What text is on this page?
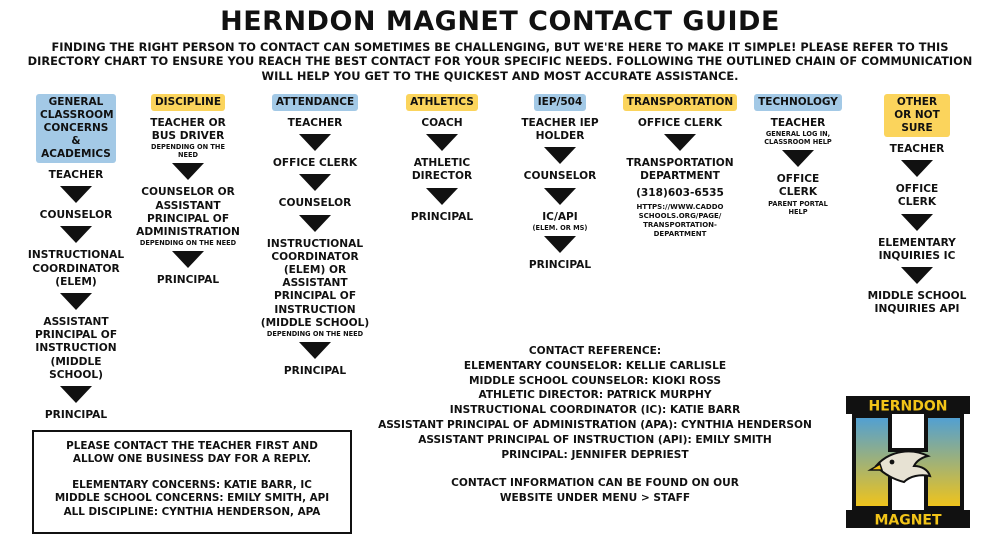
HERNDON MAGNET CONTACT GUIDE
FINDING THE RIGHT PERSON TO CONTACT CAN SOMETIMES BE CHALLENGING, BUT WE'RE HERE TO MAKE IT SIMPLE! PLEASE REFER TO THIS DIRECTORY CHART TO ENSURE YOU REACH THE BEST CONTACT FOR YOUR SPECIFIC NEEDS. FOLLOWING THE OUTLINED CHAIN OF COMMUNICATION WILL HELP YOU GET TO THE QUICKEST AND MOST ACCURATE ASSISTANCE.
GENERAL CLASSROOM CONCERNS & ACADEMICS
TEACHER
COUNSELOR
INSTRUCTIONAL COORDINATOR (ELEM)
ASSISTANT PRINCIPAL OF INSTRUCTION (MIDDLE SCHOOL)
PRINCIPAL
DISCIPLINE
TEACHER OR BUS DRIVER
DEPENDING ON THE NEED
COUNSELOR OR ASSISTANT PRINCIPAL OF ADMINISTRATION
DEPENDING ON THE NEED
PRINCIPAL
ATTENDANCE
TEACHER
OFFICE CLERK
COUNSELOR
INSTRUCTIONAL COORDINATOR (ELEM) OR ASSISTANT PRINCIPAL OF INSTRUCTION (MIDDLE SCHOOL)
DEPENDING ON THE NEED
PRINCIPAL
ATHLETICS
COACH
ATHLETIC DIRECTOR
PRINCIPAL
IEP/504
TEACHER IEP HOLDER
COUNSELOR
IC/API
(ELEM. OR MS)
PRINCIPAL
TRANSPORTATION
OFFICE CLERK
TRANSPORTATION DEPARTMENT
(318)603-6535
HTTPS://WWW.CADDO SCHOOLS.ORG/PAGE/ TRANSPORTATION-DEPARTMENT
TECHNOLOGY
TEACHER
GENERAL LOG IN, CLASSROOM HELP
OFFICE CLERK
PARENT PORTAL HELP
OTHER OR NOT SURE
TEACHER
OFFICE CLERK
ELEMENTARY INQUIRIES IC
MIDDLE SCHOOL INQUIRIES API
CONTACT REFERENCE:
ELEMENTARY COUNSELOR: KELLIE CARLISLE
MIDDLE SCHOOL COUNSELOR: KIOKI ROSS
ATHLETIC DIRECTOR: PATRICK MURPHY
INSTRUCTIONAL COORDINATOR (IC): KATIE BARR
ASSISTANT PRINCIPAL OF ADMINISTRATION (APA): CYNTHIA HENDERSON
ASSISTANT PRINCIPAL OF INSTRUCTION (API): EMILY SMITH
PRINCIPAL: JENNIFER DEPRIEST
CONTACT INFORMATION CAN BE FOUND ON OUR WEBSITE UNDER MENU > STAFF
PLEASE CONTACT THE TEACHER FIRST AND ALLOW ONE BUSINESS DAY FOR A REPLY.
ELEMENTARY CONCERNS: KATIE BARR, IC
MIDDLE SCHOOL CONCERNS: EMILY SMITH, API
ALL DISCIPLINE: CYNTHIA HENDERSON, APA
HERNDON
MAGNET
